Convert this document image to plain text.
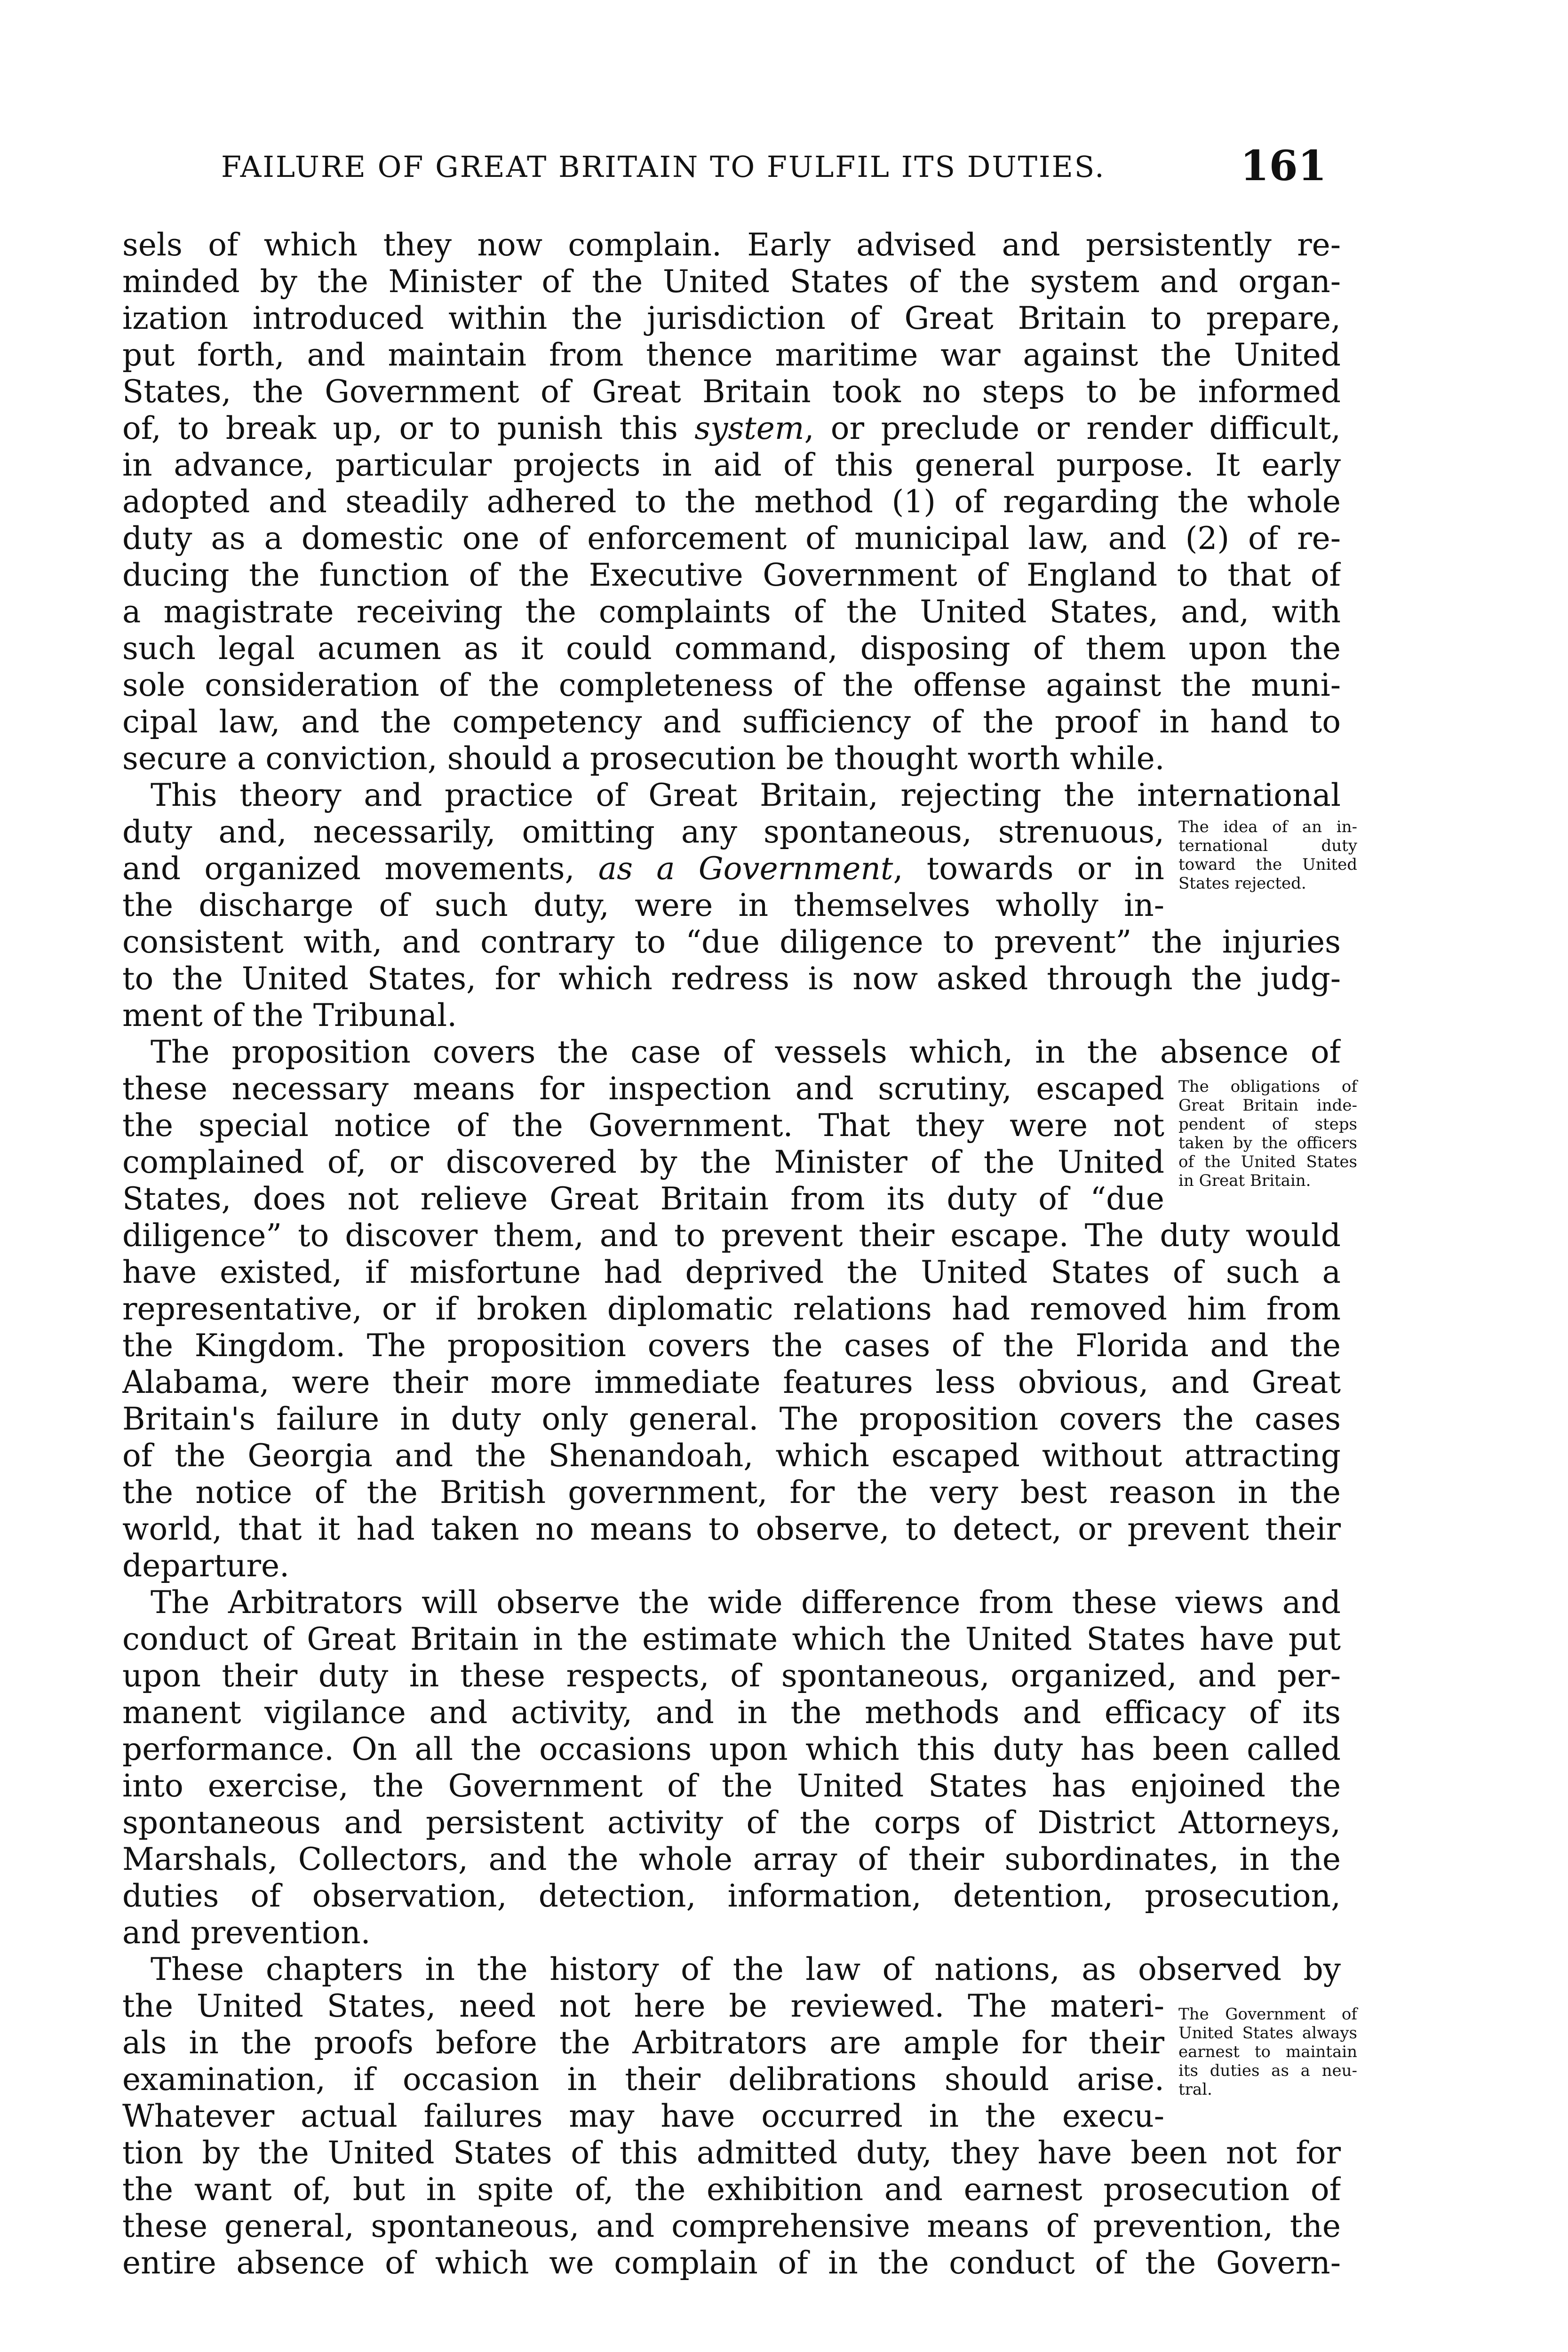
FAILURE OF GREAT BRITAIN TO FULFIL ITS DUTIES.	161
sels of which they now complain. Early advised and persistently re-
minded by the Minister of the United States of the system and organ-
ization introduced within the jurisdiction of Great Britain to prepare,
put forth, and maintain from thence maritime war against the United
States, the Government of Great Britain took no steps to be informed
of, to break up, or to punish this system, or preclude or render difficult,
in advance, particular projects in aid of this general purpose. It early
adopted and steadily adhered to the method (1) of regarding the whole
duty as a domestic one of enforcement of municipal law, and (2) of re-
ducing the function of the Executive Government of England to that of
a magistrate receiving the complaints of the United States, and, with
such legal acumen as it could command, disposing of them upon the
sole consideration of the completeness of the offense against the muni-
cipal law, and the competency and sufficiency of the proof in hand to
secure a conviction, should a prosecution be thought worth while.
This theory and practice of Great Britain, rejecting the international
duty and, necessarily, omitting any spontaneous, strenuous,
and organized movements, as a Government, towards or in
the discharge of such duty, were in themselves wholly in-
consistent with, and contrary to “due diligence to prevent” the injuries
to the United States, for which redress is now asked through the judg-
ment of the Tribunal.
The proposition covers the case of vessels which, in the absence of
these necessary means for inspection and scrutiny, escaped
the special notice of the Government. That they were not
complained of, or discovered by the Minister of the United
States, does not relieve Great Britain from its duty of “due
diligence” to discover them, and to prevent their escape. The duty would
have existed, if misfortune had deprived the United States of such a
representative, or if broken diplomatic relations had removed him from
the Kingdom. The proposition covers the cases of the Florida and the
Alabama, were their more immediate features less obvious, and Great
Britain's failure in duty only general. The proposition covers the cases
of the Georgia and the Shenandoah, which escaped without attracting
the notice of the British government, for the very best reason in the
world, that it had taken no means to observe, to detect, or prevent their
departure.
The Arbitrators will observe the wide difference from these views and
conduct of Great Britain in the estimate which the United States have put
upon their duty in these respects, of spontaneous, organized, and per-
manent vigilance and activity, and in the methods and efficacy of its
performance. On all the occasions upon which this duty has been called
into exercise, the Government of the United States has enjoined the
spontaneous and persistent activity of the corps of District Attorneys,
Marshals, Collectors, and the whole array of their subordinates, in the
duties of observation, detection, information, detention, prosecution,
and prevention.
These chapters in the history of the law of nations, as observed by
the United States, need not here be reviewed. The materi-
als in the proofs before the Arbitrators are ample for their
examination, if occasion in their delibrations should arise.
Whatever actual failures may have occurred in the execu-
tion by the United States of this admitted duty, they have been not for
the want of, but in spite of, the exhibition and earnest prosecution of
these general, spontaneous, and comprehensive means of prevention, the
entire absence of which we complain of in the conduct of the Govern-
The idea of an in-
ternational duty
toward the United
States rejected.
The obligations of
Great Britain inde-
pendent of steps
taken by the officers
of the United States
in Great Britain.
The Government of
United States always
earnest to maintain
its duties as a neu-
tral.
